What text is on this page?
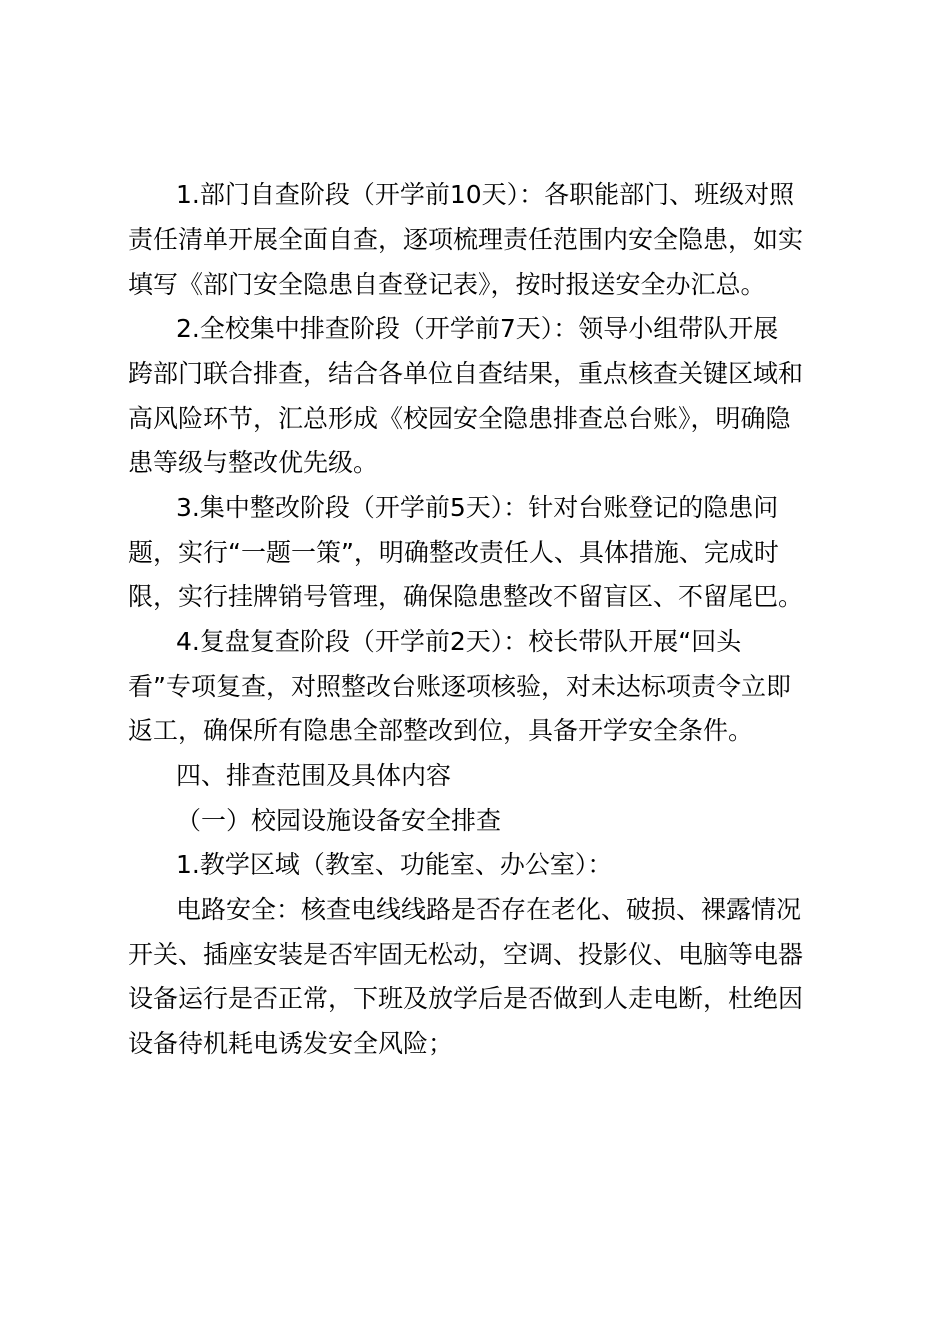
1.部门自查阶段（开学前10天）：各职能部门、班级对照
责任清单开展全面自查，逐项梳理责任范围内安全隐患，如实
填写《部门安全隐患自查登记表》，按时报送安全办汇总。
2.全校集中排查阶段（开学前7天）：领导小组带队开展
跨部门联合排查，结合各单位自查结果，重点核查关键区域和
高风险环节，汇总形成《校园安全隐患排查总台账》，明确隐
患等级与整改优先级。
3.集中整改阶段（开学前5天）：针对台账登记的隐患问
题，实行“一题一策”，明确整改责任人、具体措施、完成时
限，实行挂牌销号管理，确保隐患整改不留盲区、不留尾巴。
4.复盘复查阶段（开学前2天）：校长带队开展“回头
看”专项复查，对照整改台账逐项核验，对未达标项责令立即
返工，确保所有隐患全部整改到位，具备开学安全条件。
四、排查范围及具体内容
（一）校园设施设备安全排查
1.教学区域（教室、功能室、办公室）：
电路安全：核查电线线路是否存在老化、破损、裸露情况
开关、插座安装是否牢固无松动，空调、投影仪、电脑等电器
设备运行是否正常，下班及放学后是否做到人走电断，杜绝因
设备待机耗电诱发安全风险；
